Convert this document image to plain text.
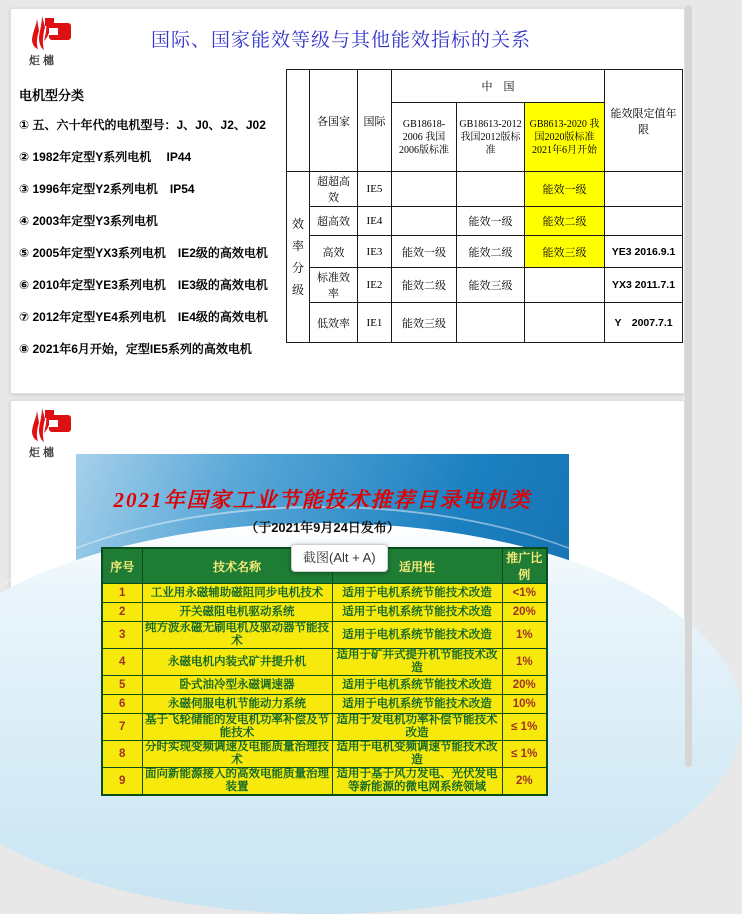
炬橞
国际、国家能效等级与其他能效指标的关系

电机型分类

① 五、六十年代的电机型号：J、J0、J2、J02

② 1982年定型Y系列电机　 IP44

③ 1996年定型Y2系列电机　IP54

④ 2003年定型Y3系列电机

⑤ 2005年定型YX3系列电机　IE2级的高效电机

⑥ 2010年定型YE3系列电机　IE3级的高效电机

⑦ 2012年定型YE4系列电机　IE4级的高效电机

⑧ 2021年6月开始，定型IE5系列的高效电机

	各国家	国际	中　国			能效限定值年限
			GB18618-2006 我国2006版标准	GB18613-2012 我国2012版标准	GB8613-2020 我国2020版标准 2021年6月开始	
效率分级	超超高效	IE5			能效一级	
	超高效	IE4		能效一级	能效二级	
	高效	IE3	能效一级	能效二级	能效三级	YE3 2016.9.1
	标准效率	IE2	能效二级	能效三级		YX3 2011.7.1
	低效率	IE1	能效三级			Y　2007.7.1
炬橞
2021年国家工业节能技术推荐目录电机类
（于2021年9月24日发布）
序号	技术名称	适用性	推广比例
1	工业用永磁辅助磁阻同步电机技术	适用于电机系统节能技术改造	<1%
2	开关磁阻电机驱动系统	适用于电机系统节能技术改造	20%
3	纯方波永磁无刷电机及驱动器节能技术	适用于电机系统节能技术改造	1%
4	永磁电机内装式矿井提升机	适用于矿井式提升机节能技术改造	1%
5	卧式油冷型永磁调速器	适用于电机系统节能技术改造	20%
6	永磁伺服电机节能动力系统	适用于电机系统节能技术改造	10%
7	基于飞轮储能的发电机功率补偿及节能技术	适用于发电机功率补偿节能技术改造	≤ 1%
8	分时实现变频调速及电能质量治理技术	适用于电机变频调速节能技术改造	≤ 1%
9	面向新能源接入的高效电能质量治理装置	适用于基于风力发电、光伏发电等新能源的微电网系统领域	2%
截图(Alt + A)
